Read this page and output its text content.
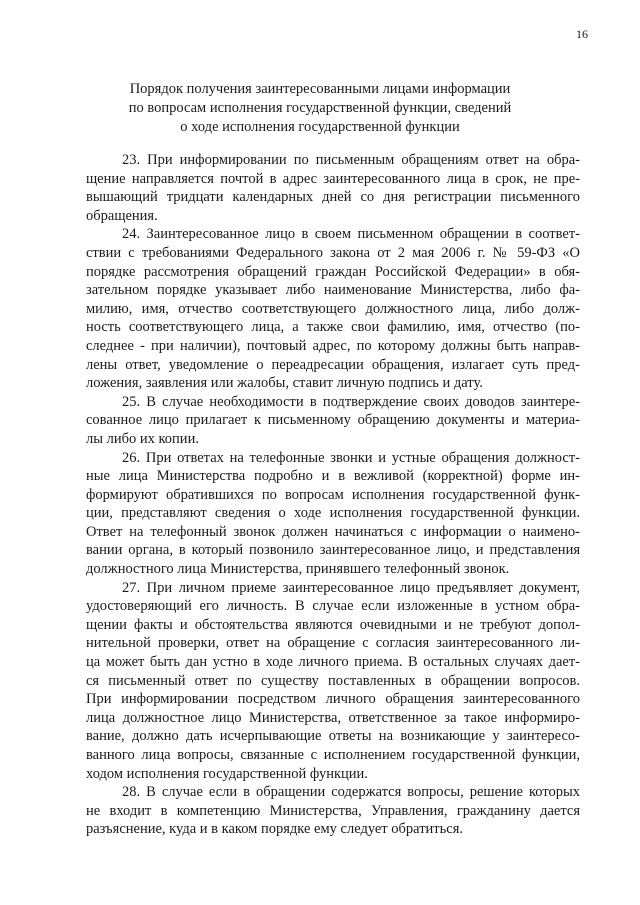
16
Порядок получения заинтересованными лицами информации
по вопросам исполнения государственной функции, сведений
о ходе исполнения государственной функции

23. При информировании по письменным обращениям ответ на обра-
щение направляется почтой в адрес заинтересованного лица в срок, не пре-
вышающий тридцати календарных дней со дня регистрации письменного
обращения.

24. Заинтересованное лицо в своем письменном обращении в соответ-
ствии с требованиями Федерального закона от 2 мая 2006 г. № 59-ФЗ «О
порядке рассмотрения обращений граждан Российской Федерации» в обя-
зательном порядке указывает либо наименование Министерства, либо фа-
милию, имя, отчество соответствующего должностного лица, либо долж-
ность соответствующего лица, а также свои фамилию, имя, отчество (по-
следнее - при наличии), почтовый адрес, по которому должны быть направ-
лены ответ, уведомление о переадресации обращения, излагает суть пред-
ложения, заявления или жалобы, ставит личную подпись и дату.

25. В случае необходимости в подтверждение своих доводов заинтере-
сованное лицо прилагает к письменному обращению документы и материа-
лы либо их копии.

26. При ответах на телефонные звонки и устные обращения должност-
ные лица Министерства подробно и в вежливой (корректной) форме ин-
формируют обратившихся по вопросам исполнения государственной функ-
ции, представляют сведения о ходе исполнения государственной функции.
Ответ на телефонный звонок должен начинаться с информации о наимено-
вании органа, в который позвонило заинтересованное лицо, и представления
должностного лица Министерства, принявшего телефонный звонок.

27. При личном приеме заинтересованное лицо предъявляет документ,
удостоверяющий его личность. В случае если изложенные в устном обра-
щении факты и обстоятельства являются очевидными и не требуют допол-
нительной проверки, ответ на обращение с согласия заинтересованного ли-
ца может быть дан устно в ходе личного приема. В остальных случаях дает-
ся письменный ответ по существу поставленных в обращении вопросов.
При информировании посредством личного обращения заинтересованного
лица должностное лицо Министерства, ответственное за такое информиро-
вание, должно дать исчерпывающие ответы на возникающие у заинтересо-
ванного лица вопросы, связанные с исполнением государственной функции,
ходом исполнения государственной функции.

28. В случае если в обращении содержатся вопросы, решение которых
не входит в компетенцию Министерства, Управления, гражданину дается
разъяснение, куда и в каком порядке ему следует обратиться.
